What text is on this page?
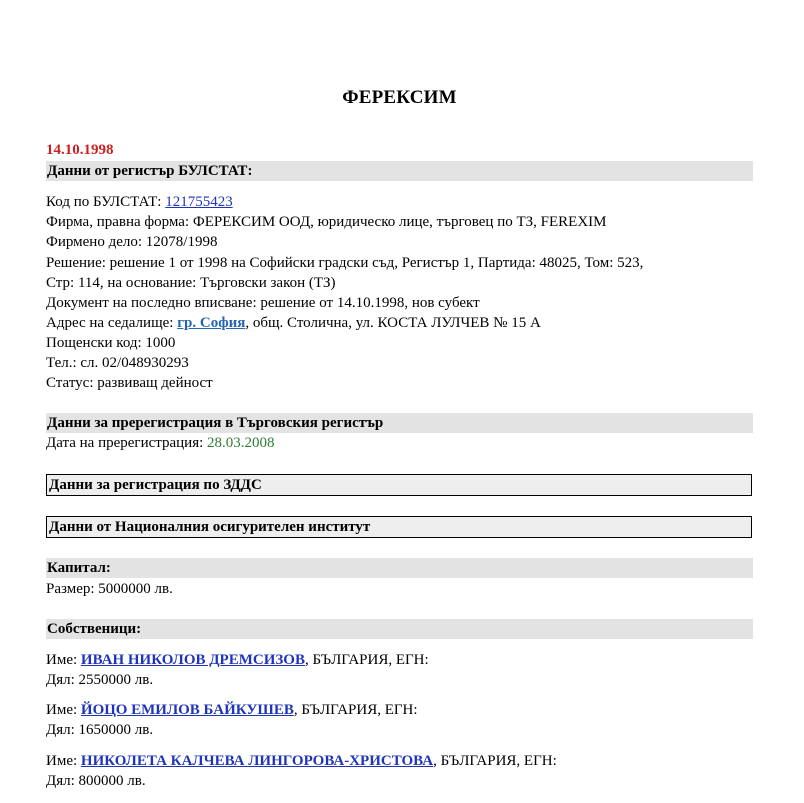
ФЕРЕКСИМ
14.10.1998
Данни от регистър БУЛСТАТ:
Код по БУЛСТАТ: 121755423
Фирма, правна форма: ФЕРЕКСИМ ООД, юридическо лице, търговец по ТЗ, FEREXIM
Фирмено дело: 12078/1998
Решение: решение 1 от 1998 на Софийски градски съд, Регистър 1, Партида: 48025, Том: 523,
Стр: 114, на основание: Търговски закон (ТЗ)
Документ на последно вписване: решение от 14.10.1998, нов субект
Адрес на седалище: гр. София, общ. Столична, ул. КОСТА ЛУЛЧЕВ № 15 А
Пощенски код: 1000
Тел.: сл. 02/048930293
Статус: развиващ дейност
Данни за пререгистрация в Търговския регистър
Дата на пререгистрация: 28.03.2008
Данни за регистрация по ЗДДС
Данни от Националния осигурителен институт
Капитал:
Размер: 5000000 лв.
Собственици:
Име: ИВАН НИКОЛОВ ДРЕМСИЗОВ, БЪЛГАРИЯ, ЕГН:
Дял: 2550000 лв.
Име: ЙОЦО ЕМИЛОВ БАЙКУШЕВ, БЪЛГАРИЯ, ЕГН:
Дял: 1650000 лв.
Име: НИКОЛЕТА КАЛЧЕВА ЛИНГОРОВА-ХРИСТОВА, БЪЛГАРИЯ, ЕГН:
Дял: 800000 лв.
